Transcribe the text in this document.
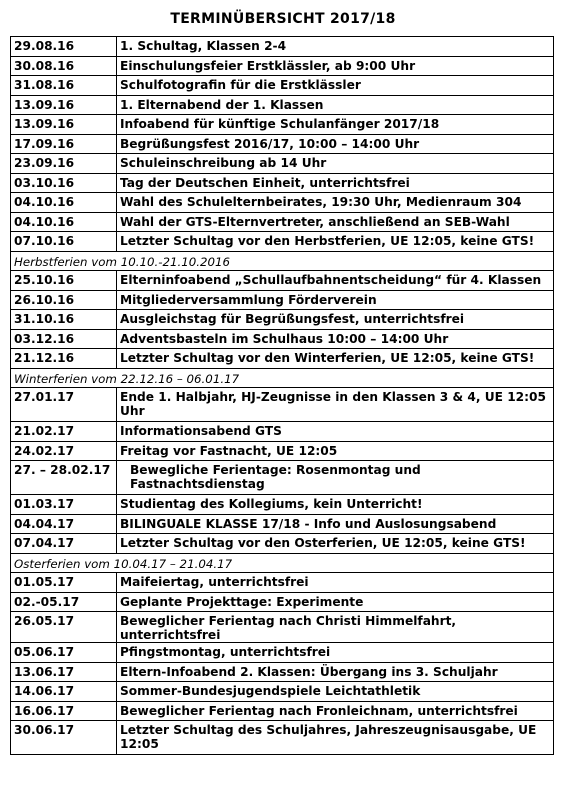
TERMINÜBERSICHT 2017/18
29.08.16	1. Schultag, Klassen 2-4
30.08.16	Einschulungsfeier Erstklässler, ab 9:00 Uhr
31.08.16	Schulfotografin für die Erstklässler
13.09.16	1. Elternabend der 1. Klassen
13.09.16	Infoabend für künftige Schulanfänger 2017/18
17.09.16	Begrüßungsfest 2016/17, 10:00 – 14:00 Uhr
23.09.16	Schuleinschreibung ab 14 Uhr
03.10.16	Tag der Deutschen Einheit, unterrichtsfrei
04.10.16	Wahl des Schulelternbeirates, 19:30 Uhr, Medienraum 304
04.10.16	Wahl der GTS-Elternvertreter, anschließend an SEB-Wahl
07.10.16	Letzter Schultag vor den Herbstferien, UE 12:05, keine GTS!
Herbstferien vom 10.10.-21.10.2016	
25.10.16	Elterninfoabend „Schullaufbahnentscheidung“ für 4. Klassen
26.10.16	Mitgliederversammlung Förderverein
31.10.16	Ausgleichstag für Begrüßungsfest, unterrichtsfrei
03.12.16	Adventsbasteln im Schulhaus 10:00 – 14:00 Uhr
21.12.16	Letzter Schultag vor den Winterferien, UE 12:05, keine GTS!
Winterferien vom 22.12.16 – 06.01.17	
27.01.17	Ende 1. Halbjahr, HJ-Zeugnisse in den Klassen 3 & 4, UE 12:05 Uhr
21.02.17	Informationsabend GTS
24.02.17	Freitag vor Fastnacht, UE 12:05
27. – 28.02.17	Bewegliche Ferientage: Rosenmontag und Fastnachtsdienstag
01.03.17	Studientag des Kollegiums, kein Unterricht!
04.04.17	BILINGUALE KLASSE 17/18 - Info und Auslosungsabend
07.04.17	Letzter Schultag vor den Osterferien, UE 12:05, keine GTS!
Osterferien vom 10.04.17 – 21.04.17	
01.05.17	Maifeiertag, unterrichtsfrei
02.-05.17	Geplante Projekttage: Experimente
26.05.17	Beweglicher Ferientag nach Christi Himmelfahrt, unterrichtsfrei
05.06.17	Pfingstmontag, unterrichtsfrei
13.06.17	Eltern-Infoabend 2. Klassen: Übergang ins 3. Schuljahr
14.06.17	Sommer-Bundesjugendspiele Leichtathletik
16.06.17	Beweglicher Ferientag nach Fronleichnam, unterrichtsfrei
30.06.17	Letzter Schultag des Schuljahres, Jahreszeugnisausgabe, UE 12:05
